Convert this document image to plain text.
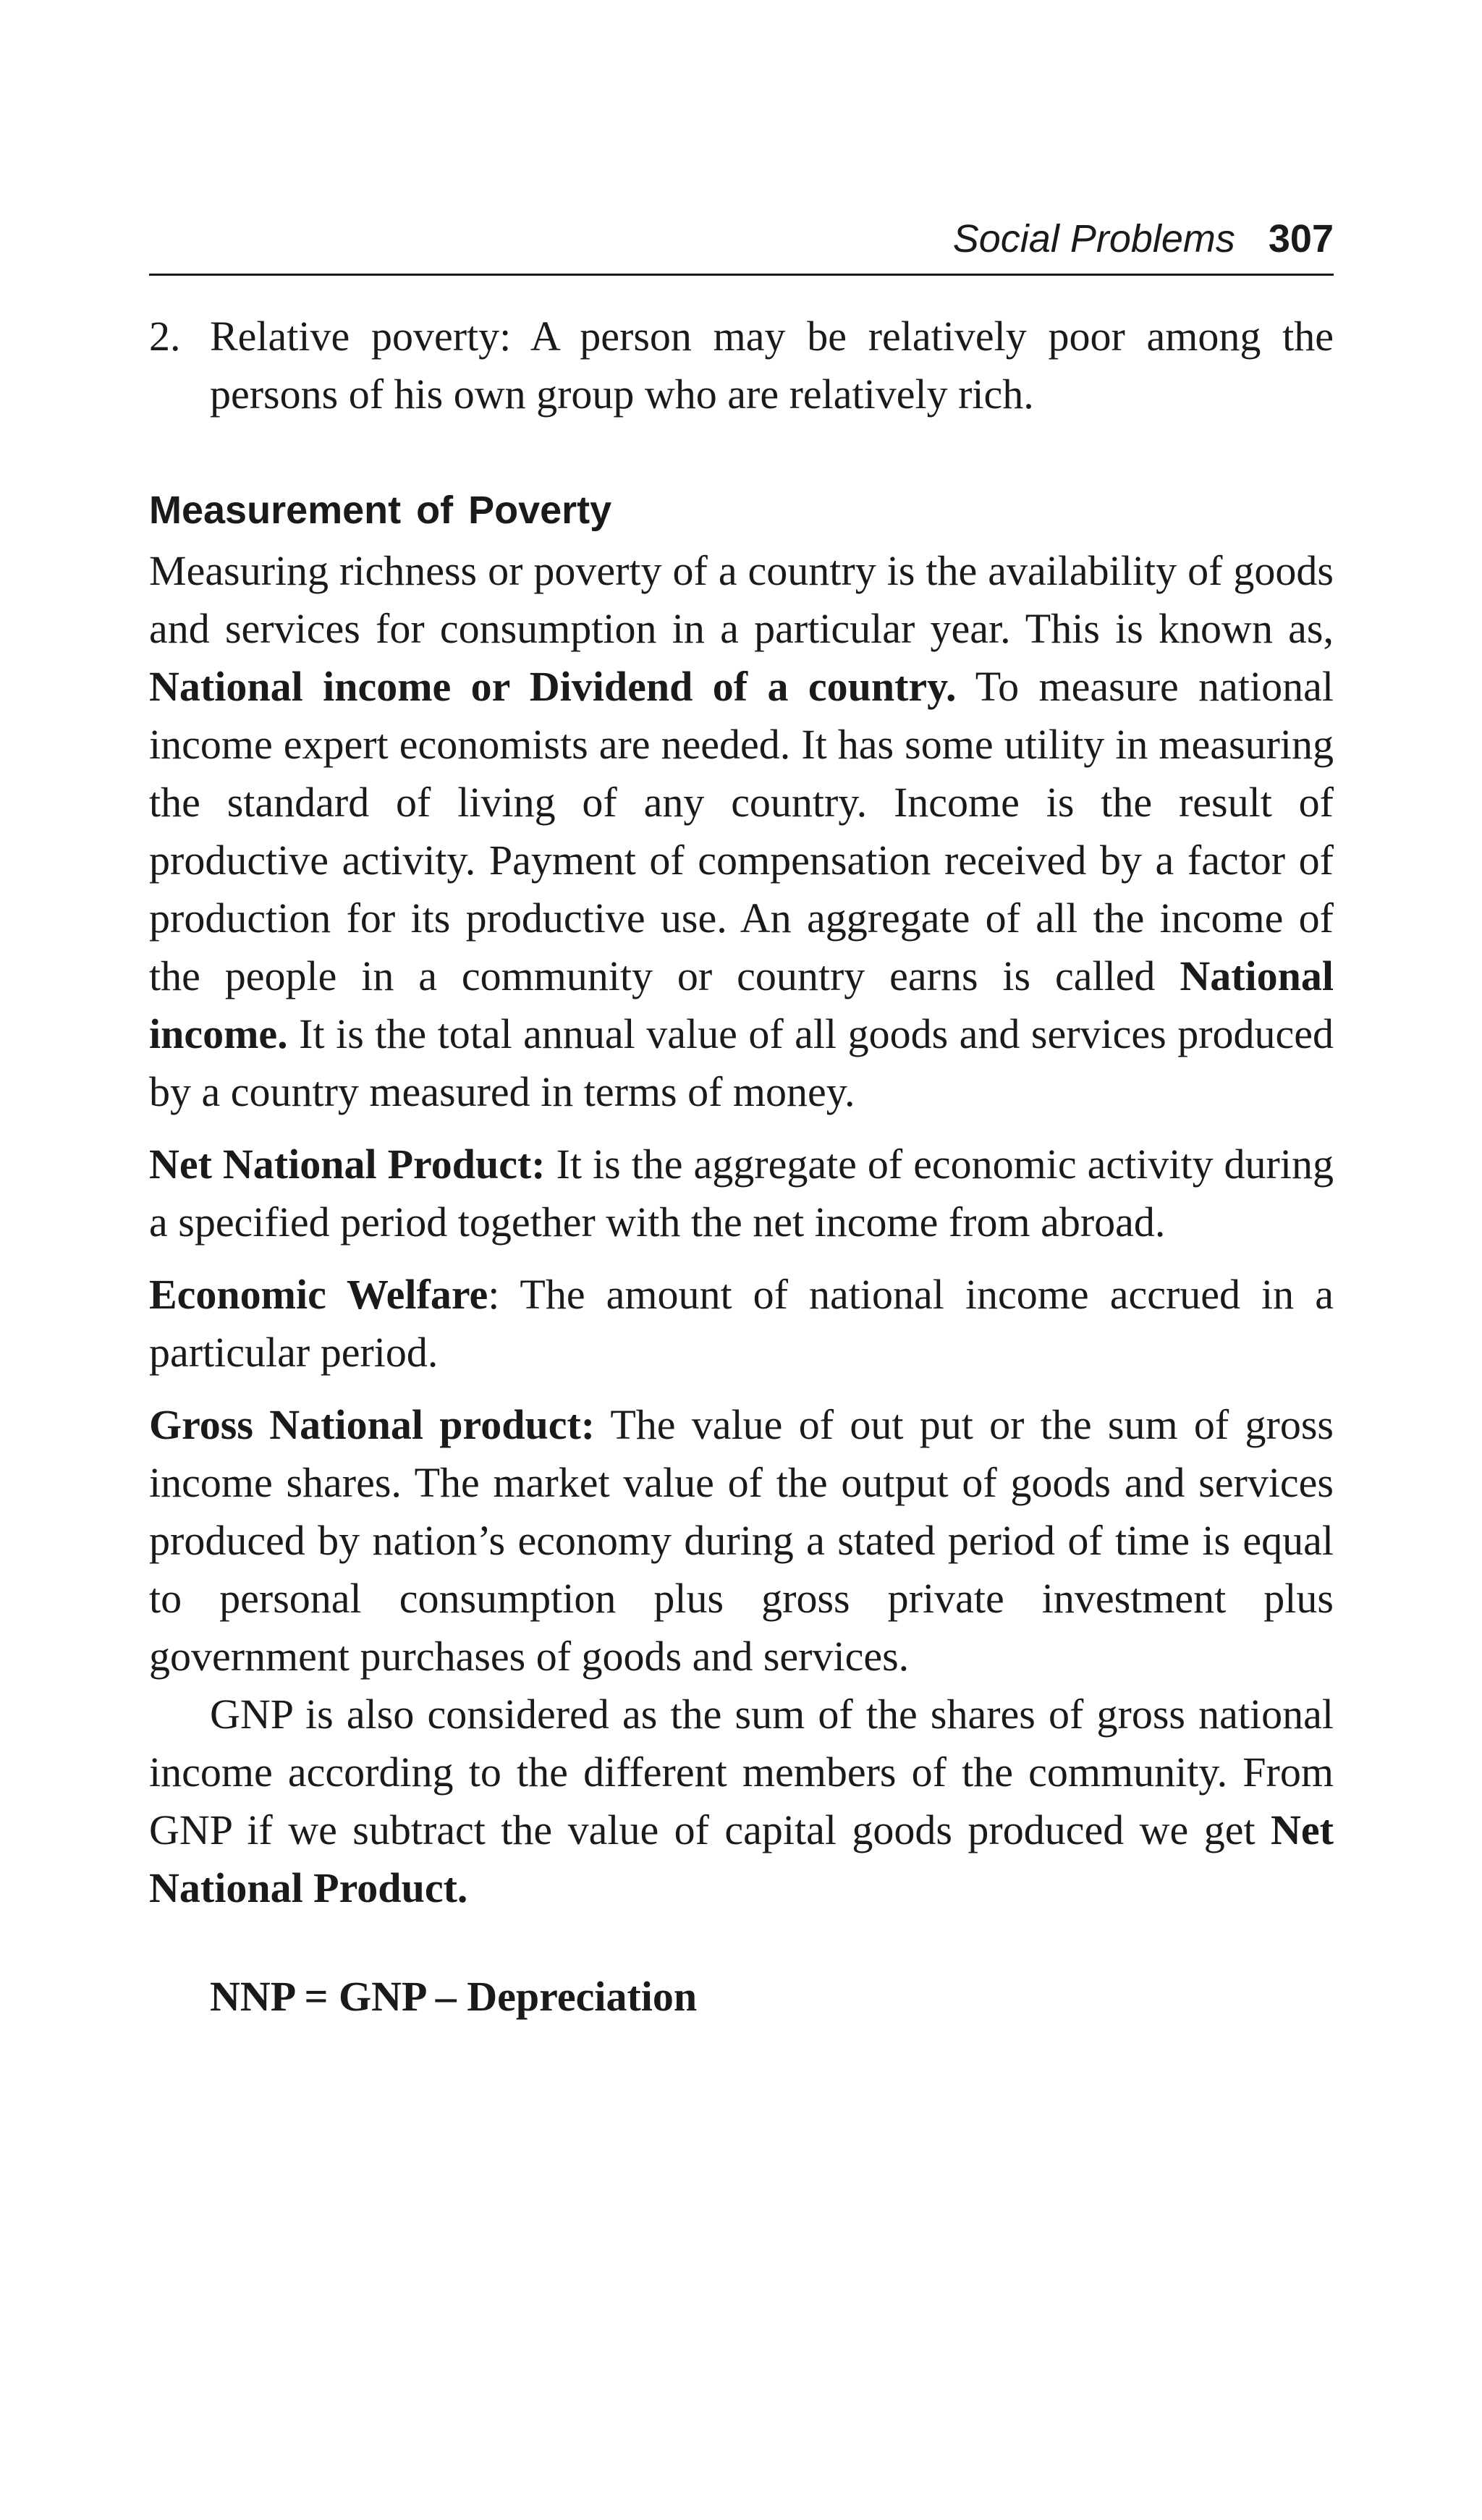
Social Problems 307
2. Relative poverty: A person may be relatively poor among the persons of his own group who are relatively rich.
Measurement of Poverty

Measuring richness or poverty of a country is the availability of goods and services for consumption in a particular year. This is known as, National income or Dividend of a country. To measure national income expert economists are needed. It has some utility in measuring the standard of living of any country. Income is the result of productive activity. Payment of compensation received by a factor of production for its productive use. An aggregate of all the income of the people in a community or country earns is called National income. It is the total annual value of all goods and services produced by a country measured in terms of money.

Net National Product: It is the aggregate of economic activity during a specified period together with the net income from abroad.

Economic Welfare: The amount of national income accrued in a particular period.

Gross National product: The value of out put or the sum of gross income shares. The market value of the output of goods and services produced by nation’s economy during a stated period of time is equal to personal consumption plus gross private investment plus government purchases of goods and services.

GNP is also considered as the sum of the shares of gross national income according to the different members of the community. From GNP if we subtract the value of capital goods produced we get Net National Product.

NNP = GNP – Depreciation
